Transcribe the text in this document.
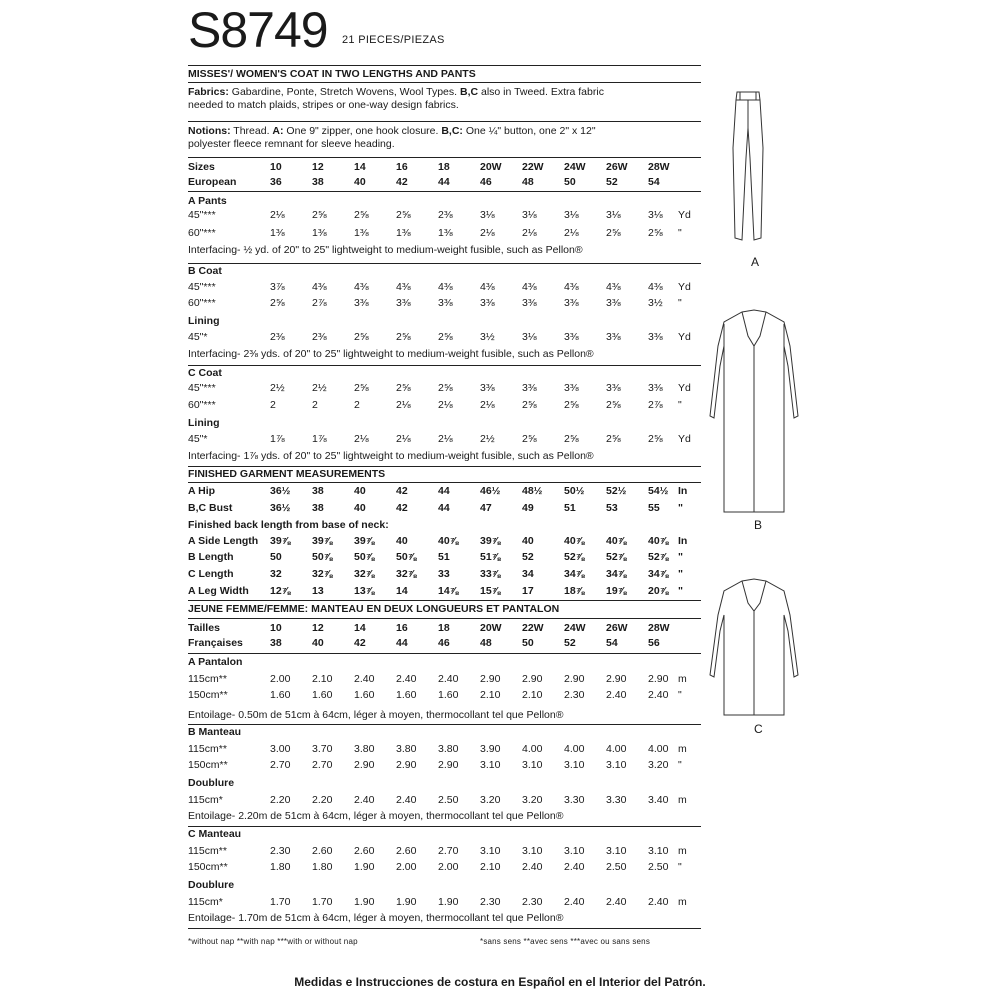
S8749 21 PIECES/PIEZAS
MISSES'/ WOMEN'S COAT IN TWO LENGTHS AND PANTS
Fabrics: Gabardine, Ponte, Stretch Wovens, Wool Types. B,C also in Tweed. Extra fabric
needed to match plaids, stripes or one-way design fabrics.
Notions: Thread. A: One 9" zipper, one hook closure. B,C: One ¼" button, one 2" x 12"
polyester fleece remnant for sleeve heading.
Sizes	10	12	14	16	18	20W	22W	24W	26W	28W
European	36	38	40	42	44	46	48	50	52	54
A Pants
45"***	2⅛	2⅝	2⅝	2⅝	2⅜	3⅛	3⅛	3⅛	3⅛	3⅛	Yd
60"***	1⅜	1⅜	1⅜	1⅜	1⅜	2⅛	2⅛	2⅛	2⅝	2⅝	"
Interfacing- ½ yd. of 20" to 25" lightweight to medium-weight fusible, such as Pellon®
B Coat
45"***	3⅞	4⅜	4⅜	4⅜	4⅜	4⅜	4⅜	4⅜	4⅜	4⅜	Yd
60"***	2⅝	2⅞	3⅜	3⅜	3⅜	3⅜	3⅜	3⅜	3⅜	3½	"
Lining
45"*	2⅜	2⅜	2⅝	2⅝	2⅝	3½	3⅛	3⅜	3⅜	3⅜	Yd
Interfacing- 2⅜ yds. of 20" to 25" lightweight to medium-weight fusible, such as Pellon®
C Coat
45"***	2½	2½	2⅝	2⅝	2⅝	3⅜	3⅜	3⅜	3⅜	3⅜	Yd
60"***	2	2	2	2⅛	2⅛	2⅛	2⅝	2⅝	2⅝	2⅞	"
Lining
45"*	1⅞	1⅞	2⅛	2⅛	2⅛	2½	2⅝	2⅝	2⅝	2⅝	Yd
Interfacing- 1⅞ yds. of 20" to 25" lightweight to medium-weight fusible, such as Pellon®
FINISHED GARMENT MEASUREMENTS
A Hip	36½	38	40	42	44	46½	48½	50½	52½	54½ In
B,C Bust	36½	38	40	42	44	47	49	51	53	55	"
Finished back length from base of neck:
A Side Length 39⅞	39⅞	39⅞	40	40⅞	39⅞	40	40⅞	40⅞	40⅞ In
B Length	50	50⅞	50⅞	50⅞	51	51⅞	52	52⅞	52⅞	52⅞ "
C Length	32	32⅞	32⅞	32⅞	33	33⅞	34	34⅞	34⅞	34⅞ "
A Leg Width 12⅞	13	13⅞	14	14⅞	15⅞	17	18⅞	19⅞	20⅞ "
JEUNE FEMME/FEMME: MANTEAU EN DEUX LONGUEURS ET PANTALON
Tailles	10	12	14	16	18	20W	22W	24W	26W	28W
Françaises	38	40	42	44	46	48	50	52	54	56
A Pantalon
115cm**	2.00	2.10	2.40	2.40	2.40	2.90	2.90	2.90	2.90	2.90 m
150cm**	1.60	1.60	1.60	1.60	1.60	2.10	2.10	2.30	2.40	2.40 "
Entoilage- 0.50m de 51cm à 64cm, léger à moyen, thermocollant tel que Pellon®
B Manteau
115cm**	3.00	3.70	3.80	3.80	3.80	3.90	4.00	4.00	4.00	4.00 m
150cm**	2.70	2.70	2.90	2.90	2.90	3.10	3.10	3.10	3.10	3.20 "
Doublure
115cm*	2.20	2.20	2.40	2.40	2.50	3.20	3.20	3.30	3.30	3.40 m
Entoilage- 2.20m de 51cm à 64cm, léger à moyen, thermocollant tel que Pellon®
C Manteau
115cm**	2.30	2.60	2.60	2.60	2.70	3.10	3.10	3.10	3.10	3.10 m
150cm**	1.80	1.80	1.90	2.00	2.00	2.10	2.40	2.40	2.50	2.50 "
Doublure
115cm*	1.70	1.70	1.90	1.90	1.90	2.30	2.30	2.40	2.40	2.40 m
Entoilage- 1.70m de 51cm à 64cm, léger à moyen, thermocollant tel que Pellon®
*without nap **with nap ***with or without nap	*sans sens **avec sens ***avec ou sans sens
Medidas e Instrucciones de costura en Español en el Interior del Patrón.
A
B
C
